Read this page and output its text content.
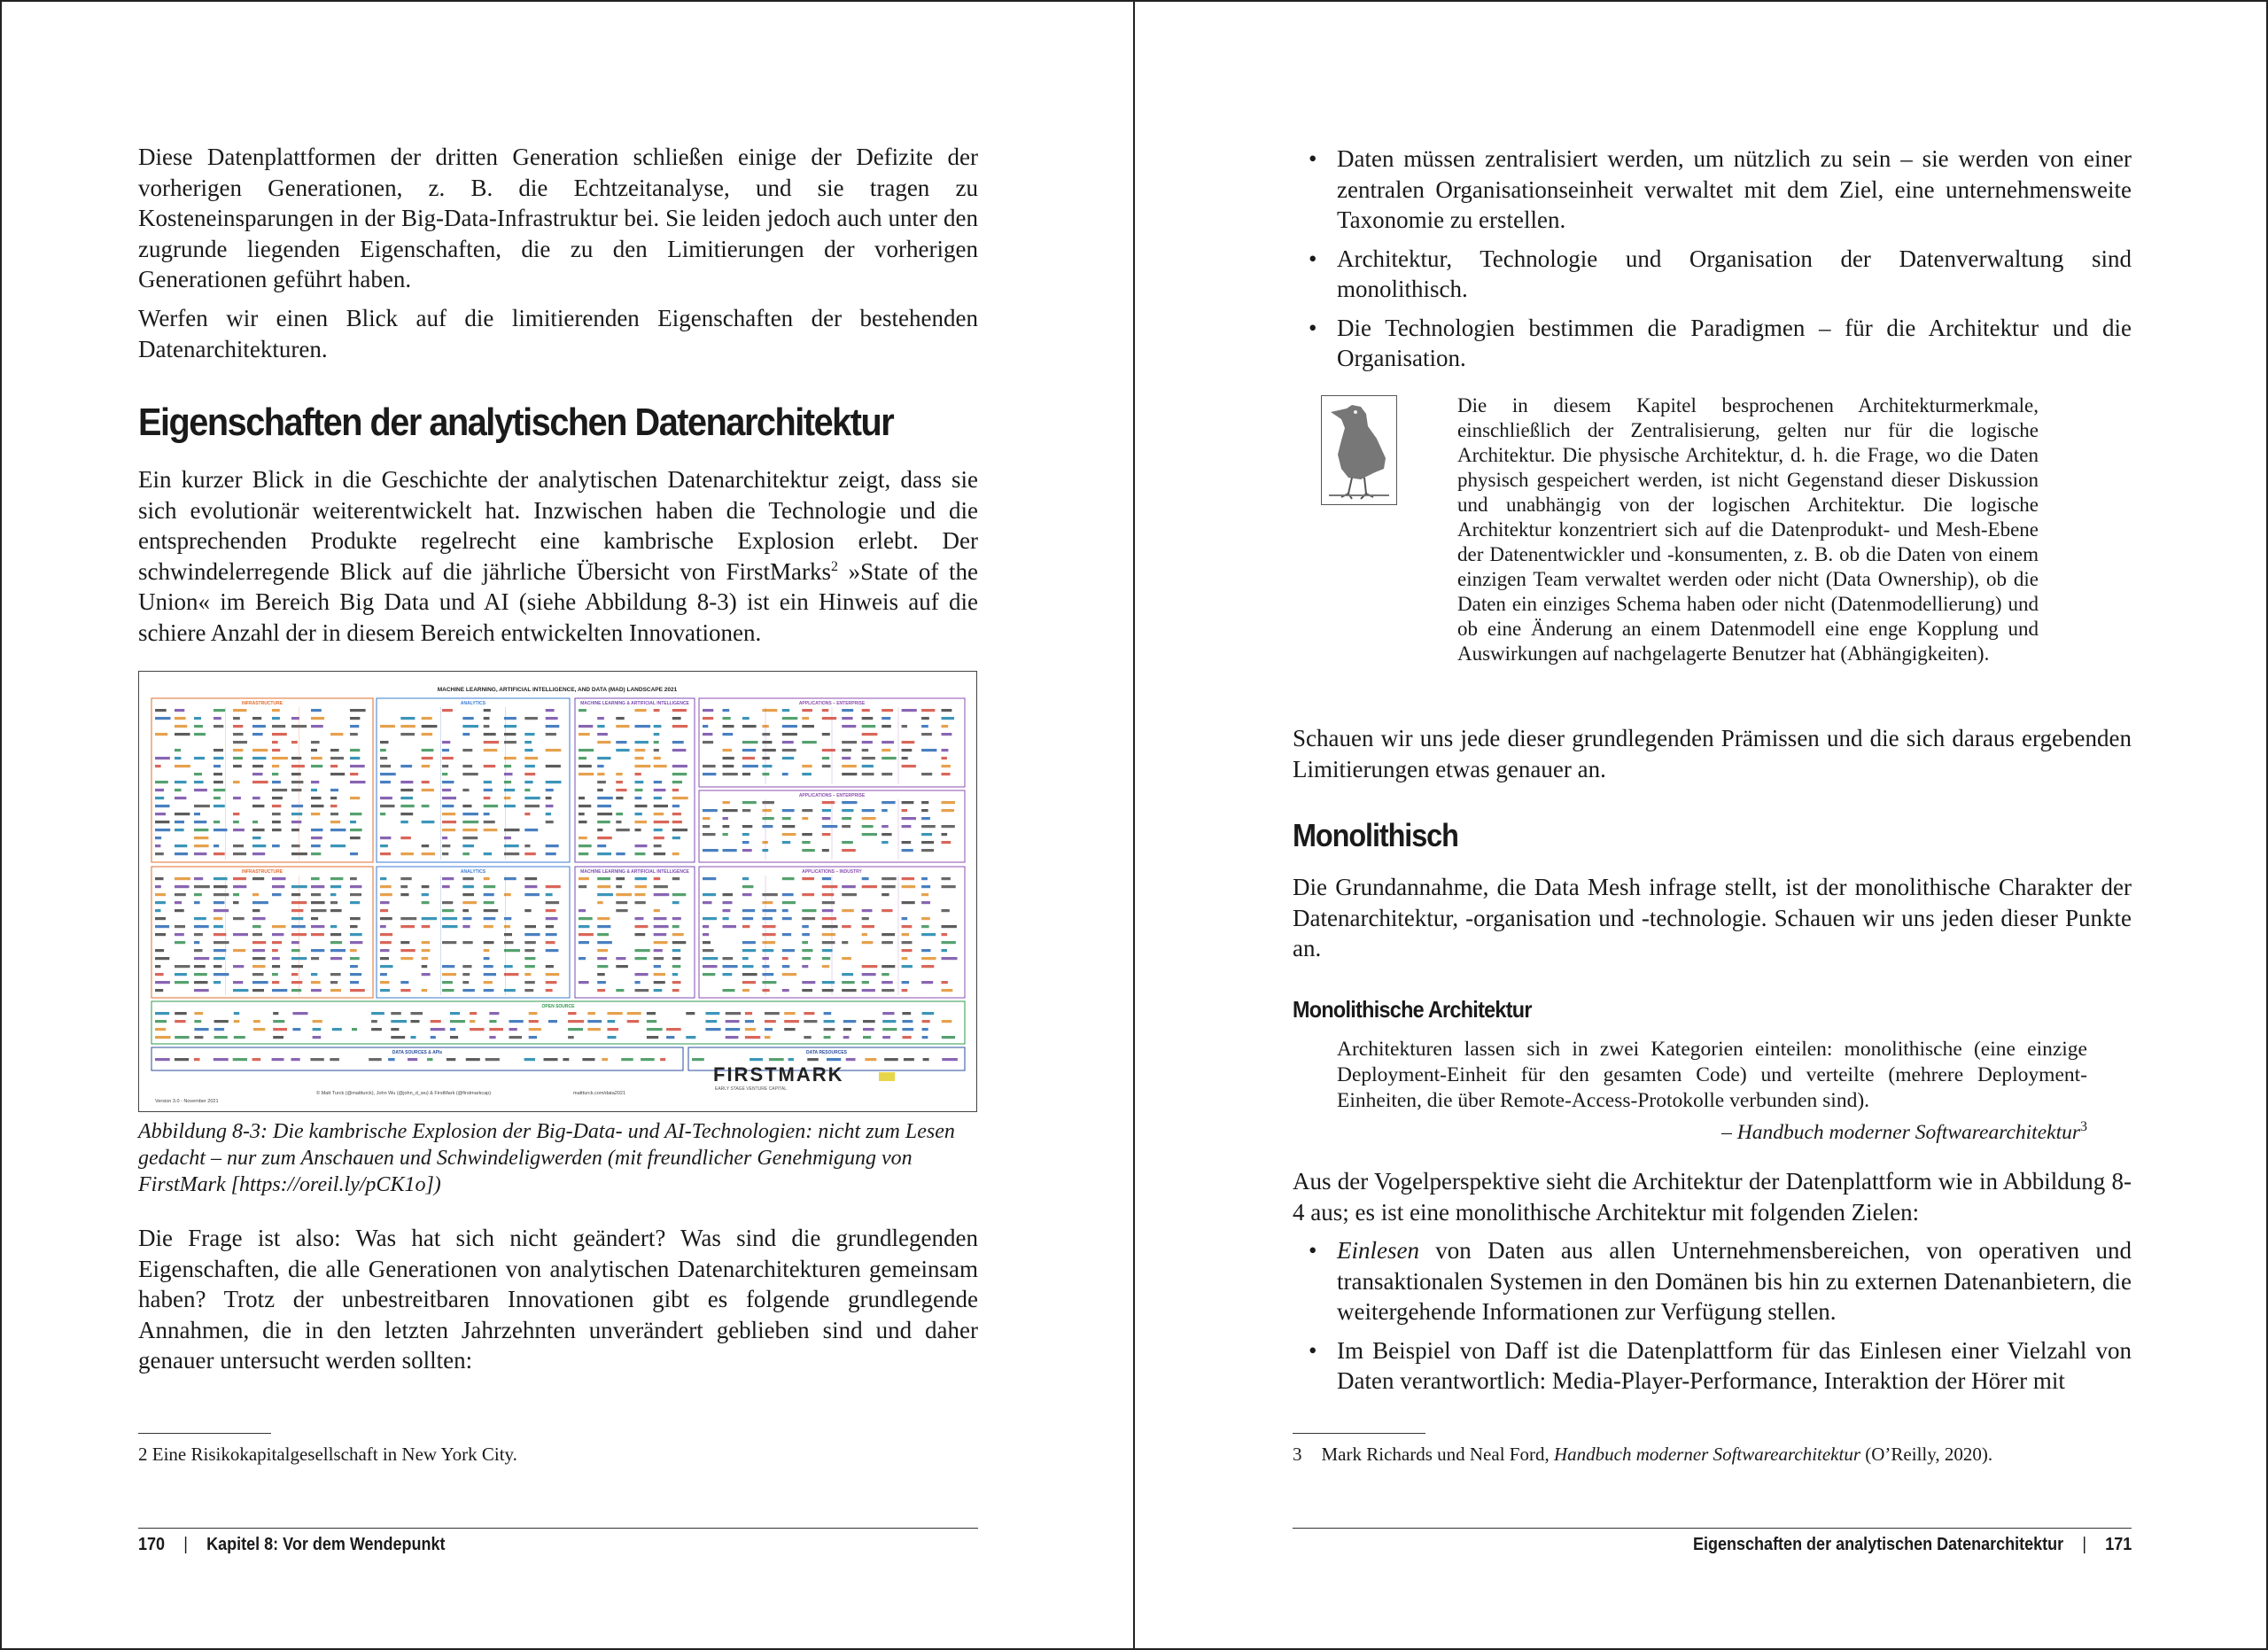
Diese Datenplattformen der dritten Generation schließen einige der Defizite der vorherigen Generationen, z. B. die Echtzeitanalyse, und sie tragen zu Kosteneinsparungen in der Big-Data-Infrastruktur bei. Sie leiden jedoch auch unter den zugrunde liegenden Eigenschaften, die zu den Limitierungen der vorherigen Generationen geführt haben.

Werfen wir einen Blick auf die limitierenden Eigenschaften der bestehenden Datenarchitekturen.

Eigenschaften der analytischen Datenarchitektur

Ein kurzer Blick in die Geschichte der analytischen Datenarchitektur zeigt, dass sie sich evolutionär weiterentwickelt hat. Inzwischen haben die Technologie und die entsprechenden Produkte regelrecht eine kambrische Explosion erlebt. Der schwindelerregende Blick auf die jährliche Übersicht von FirstMarks$^2$ »State of the Union« im Bereich Big Data und AI (siehe Abbildung 8-3) ist ein Hinweis auf die schiere Anzahl der in diesem Bereich entwickelten Innovationen.

MACHINE LEARNING, ARTIFICIAL INTELLIGENCE, AND DATA (MAD) LANDSCAPE 2021
INFRASTRUCTURE	ANALYTICS	MACHINE LEARNING & ARTIFICIAL INTELLIGENCE	APPLICATIONS – ENTERPRISE
APPLICATIONS – ENTERPRISE
INFRASTRUCTURE	ANALYTICS	MACHINE LEARNING & ARTIFICIAL INTELLIGENCE	APPLICATIONS – INDUSTRY
OPEN SOURCE
DATA SOURCES & APIs	DATA RESOURCES
FIRSTMARK
EARLY STAGE VENTURE CAPITAL
Version 3.0 - November 2021
© Matt Turck (@mattturck), John Wu (@john_d_wu) & FirstMark (@firstmarkcap)	mattturck.com/data2021

Abbildung 8-3: Die kambrische Explosion der Big-Data- und AI-Technologien: nicht zum Lesen gedacht – nur zum Anschauen und Schwindeligwerden (mit freundlicher Genehmigung von FirstMark [https://oreil.ly/pCK1o])

Die Frage ist also: Was hat sich nicht geändert? Was sind die grundlegenden Eigenschaften, die alle Generationen von analytischen Datenarchitekturen gemeinsam haben? Trotz der unbestreitbaren Innovationen gibt es folgende grundlegende Annahmen, die in den letzten Jahrzehnten unverändert geblieben sind und daher genauer untersucht werden sollten:

2 Eine Risikokapitalgesellschaft in New York City.

170 | Kapitel 8: Vor dem Wendepunkt
• Daten müssen zentralisiert werden, um nützlich zu sein – sie werden von einer zentralen Organisationseinheit verwaltet mit dem Ziel, eine unternehmensweite Taxonomie zu erstellen.
• Architektur, Technologie und Organisation der Datenverwaltung sind monolithisch.
• Die Technologien bestimmen die Paradigmen – für die Architektur und die Organisation.

Die in diesem Kapitel besprochenen Architekturmerkmale, einschließlich der Zentralisierung, gelten nur für die logische Architektur. Die physische Architektur, d. h. die Frage, wo die Daten physisch gespeichert werden, ist nicht Gegenstand dieser Diskussion und unabhängig von der logischen Architektur. Die logische Architektur konzentriert sich auf die Datenprodukt- und Mesh-Ebene der Datenentwickler und -konsumenten, z. B. ob die Daten von einem einzigen Team verwaltet werden oder nicht (Data Ownership), ob die Daten ein einziges Schema haben oder nicht (Datenmodellierung) und ob eine Änderung an einem Datenmodell eine enge Kopplung und Auswirkungen auf nachgelagerte Benutzer hat (Abhängigkeiten).

Schauen wir uns jede dieser grundlegenden Prämissen und die sich daraus ergebenden Limitierungen etwas genauer an.

Monolithisch

Die Grundannahme, die Data Mesh infrage stellt, ist der monolithische Charakter der Datenarchitektur, -organisation und -technologie. Schauen wir uns jeden dieser Punkte an.

Monolithische Architektur

Architekturen lassen sich in zwei Kategorien einteilen: monolithische (eine einzige Deployment-Einheit für den gesamten Code) und verteilte (mehrere Deployment-Einheiten, die über Remote-Access-Protokolle verbunden sind).

– Handbuch moderner Softwarearchitektur$^3$

Aus der Vogelperspektive sieht die Architektur der Datenplattform wie in Abbildung 8-4 aus; es ist eine monolithische Architektur mit folgenden Zielen:

• Einlesen von Daten aus allen Unternehmensbereichen, von operativen und transaktionalen Systemen in den Domänen bis hin zu externen Datenanbietern, die weitergehende Informationen zur Verfügung stellen.
• Im Beispiel von Daff ist die Datenplattform für das Einlesen einer Vielzahl von Daten verantwortlich: Media-Player-Performance, Interaktion der Hörer mit

3 Mark Richards und Neal Ford, Handbuch moderner Softwarearchitektur (O’Reilly, 2020).

Eigenschaften der analytischen Datenarchitektur | 171
